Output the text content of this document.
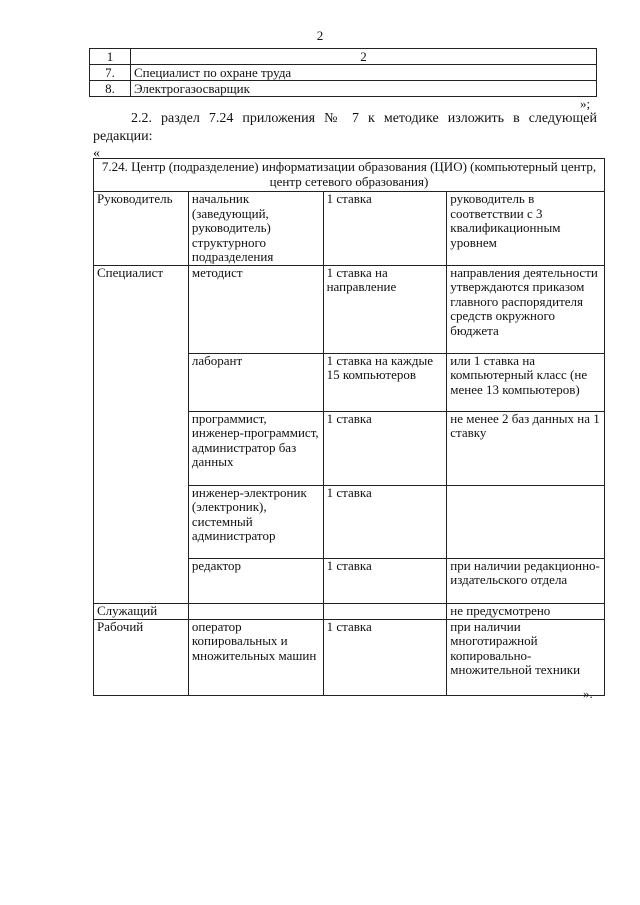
2
1	2
7.	Специалист по охране труда
8.	Электрогазосварщик
»;
2.2. раздел 7.24 приложения № 7 к методике изложить в следующей редакции:
«
7.24. Центр (подразделение) информатизации образования (ЦИО) (компьютерный центр, центр сетевого образования)			
Руководитель	начальник (заведующий, руководитель) структурного подразделения	1 ставка	руководитель в соответствии с 3 квалификационным уровнем
Специалист	методист	1 ставка на направление	направления деятельности утверждаются приказом главного распорядителя средств окружного бюджета
	лаборант	1 ставка на каждые 15 компьютеров	или 1 ставка на компьютерный класс (не менее 13 компьютеров)
	программист, инженер-программист, администратор баз данных	1 ставка	не менее 2 баз данных на 1 ставку
	инженер-электроник (электроник), системный администратор	1 ставка	
	редактор	1 ставка	при наличии редакционно-издательского отдела
Служащий			не предусмотрено
Рабочий	оператор копировальных и множительных машин	1 ставка	при наличии многотиражной копировально-множительной техники
».
